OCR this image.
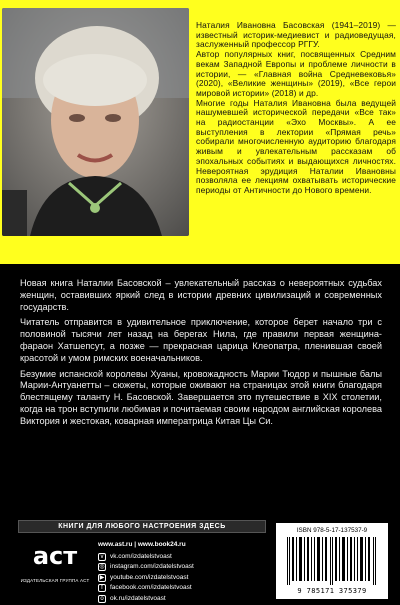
Наталия Ивановна Басовская (1941–2019) — известный историк-медиевист и радиоведущая, заслуженный профессор РГГУ.

Автор популярных книг, посвященных Средним векам Западной Европы и проблеме личности в истории, — «Главная война Средневековья» (2020), «Великие женщины» (2019), «Все герои мировой истории» (2018) и др.

Многие годы Наталия Ивановна была ведущей нашумевшей исторической передачи «Все так» на радиостанции «Эхо Москвы». А ее выступления в лектории «Прямая речь» собирали многочисленную аудиторию благодаря живым и увлекательным рассказам об эпохальных событиях и выдающихся личностях. Невероятная эрудиция Наталии Ивановны позволяла ее лекциям охватывать исторические периоды от Античности до Нового времени.

Новая книга Наталии Басовской – увлекательный рассказ о невероятных судьбах женщин, оставивших яркий след в истории древних цивилизаций и современных государств.

Читатель отправится в удивительное приключение, которое берет начало три с половиной тысячи лет назад на берегах Нила, где правили первая женщина-фараон Хатшепсут, а позже — прекрасная царица Клеопатра, пленившая своей красотой и умом римских военачальников.

Безумие испанской королевы Хуаны, кровожадность Марии Тюдор и пышные балы Марии-Антуанетты – сюжеты, которые оживают на страницах этой книги благодаря блестящему таланту Н. Басовской. Завершается это путешествие в XIX столетии, когда на трон вступили любимая и почитаемая своим народом английская королева Виктория и жестокая, коварная императрица Китая Цы Си.

КНИГИ ДЛЯ ЛЮБОГО НАСТРОЕНИЯ ЗДЕСЬ
аст
ИЗДАТЕЛЬСКАЯ ГРУППА АСТ
www.ast.ru | www.book24.ru
v	vk.com/izdatelstvoast
◎ instagram.com/izdatelstvoast
▶ youtube.com/izdatelstvoast
f	facebook.com/izdatelstvoast
o ok.ru/izdatelstvoast
ISBN 978-5-17-137537-9
9 785171 375379
